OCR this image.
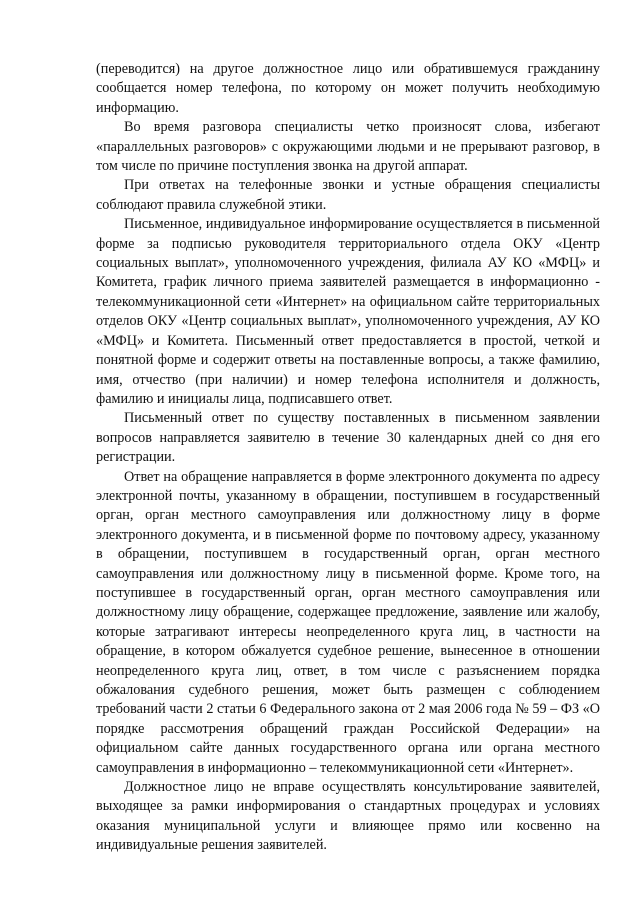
(переводится) на другое должностное лицо или обратившемуся гражданину сообщается номер телефона, по которому он может получить необходимую информацию.

Во время разговора специалисты четко произносят слова, избегают «параллельных разговоров» с окружающими людьми и не прерывают разговор, в том числе по причине поступления звонка на другой аппарат.

При ответах на телефонные звонки и устные обращения специалисты соблюдают правила служебной этики.

Письменное, индивидуальное информирование осуществляется в письменной форме за подписью руководителя территориального отдела ОКУ «Центр социальных выплат», уполномоченного учреждения, филиала АУ КО «МФЦ» и Комитета, график личного приема заявителей размещается в информационно - телекоммуникационной сети «Интернет» на официальном сайте территориальных отделов ОКУ «Центр социальных выплат», уполномоченного учреждения, АУ КО «МФЦ» и Комитета. Письменный ответ предоставляется в простой, четкой и понятной форме и содержит ответы на поставленные вопросы, а также фамилию, имя, отчество (при наличии) и номер телефона исполнителя и должность, фамилию и инициалы лица, подписавшего ответ.

Письменный ответ по существу поставленных в письменном заявлении вопросов направляется заявителю в течение 30 календарных дней со дня его регистрации.

Ответ на обращение направляется в форме электронного документа по адресу электронной почты, указанному в обращении, поступившем в государственный орган, орган местного самоуправления или должностному лицу в форме электронного документа, и в письменной форме по почтовому адресу, указанному в обращении, поступившем в государственный орган, орган местного самоуправления или должностному лицу в письменной форме. Кроме того, на поступившее в государственный орган, орган местного самоуправления или должностному лицу обращение, содержащее предложение, заявление или жалобу, которые затрагивают интересы неопределенного круга лиц, в частности на обращение, в котором обжалуется судебное решение, вынесенное в отношении неопределенного круга лиц, ответ, в том числе с разъяснением порядка обжалования судебного решения, может быть размещен с соблюдением требований части 2 статьи 6 Федерального закона от 2 мая 2006 года № 59 – ФЗ «О порядке рассмотрения обращений граждан Российской Федерации» на официальном сайте данных государственного органа или органа местного самоуправления в информационно – телекоммуникационной сети «Интернет».

Должностное лицо не вправе осуществлять консультирование заявителей, выходящее за рамки информирования о стандартных процедурах и условиях оказания муниципальной услуги и влияющее прямо или косвенно на индивидуальные решения заявителей.
